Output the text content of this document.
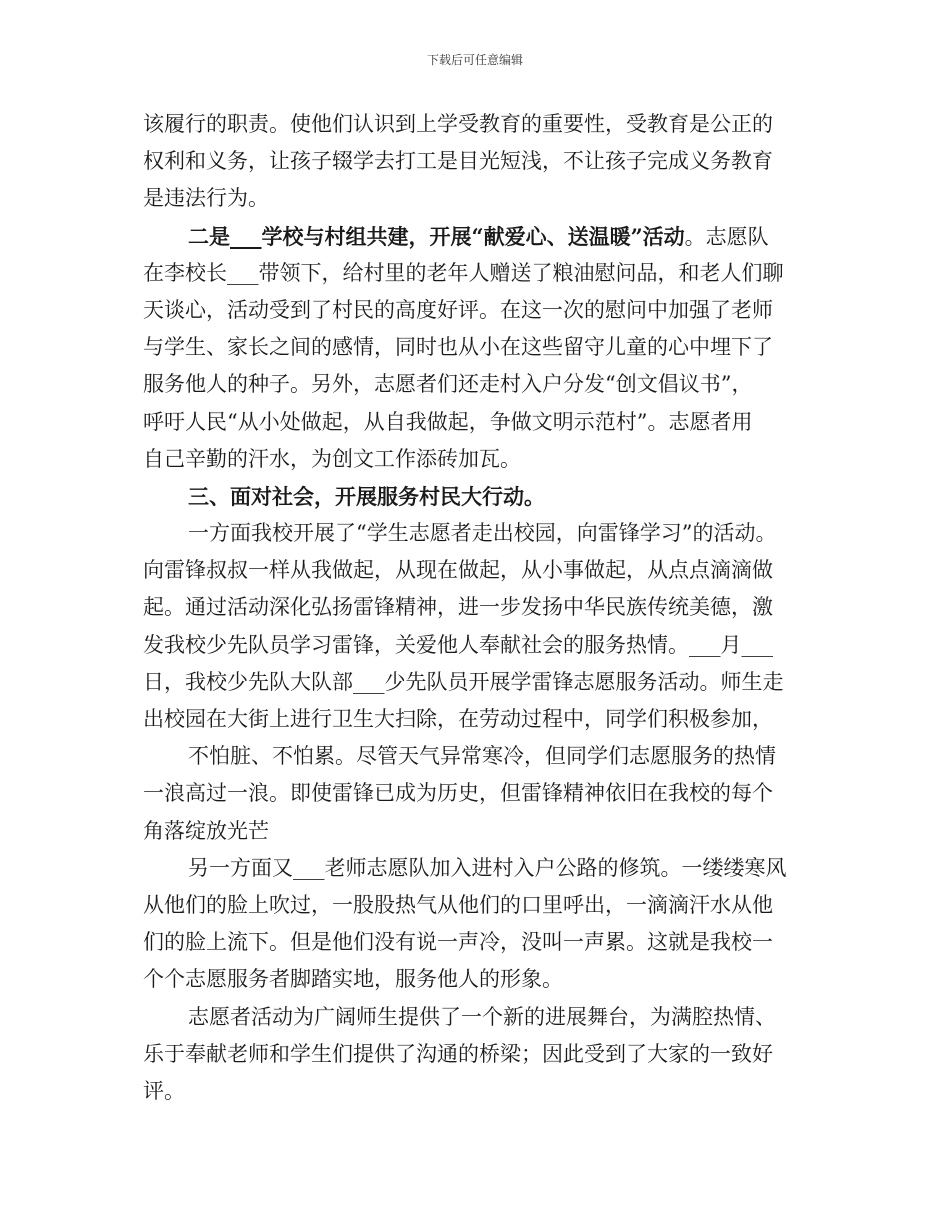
下载后可任意编辑
该履行的职责。使他们认识到上学受教育的重要性，受教育是公正的
权利和义务，让孩子辍学去打工是目光短浅，不让孩子完成义务教育
是违法行为。
二是___学校与村组共建，开展“献爱心、送温暖”活动。志愿队
在李校长___带领下，给村里的老年人赠送了粮油慰问品，和老人们聊
天谈心，活动受到了村民的高度好评。在这一次的慰问中加强了老师
与学生、家长之间的感情，同时也从小在这些留守儿童的心中埋下了
服务他人的种子。另外，志愿者们还走村入户分发“创文倡议书”，
呼吁人民“从小处做起，从自我做起，争做文明示范村”。志愿者用
自己辛勤的汗水，为创文工作添砖加瓦。
三、面对社会，开展服务村民大行动。
一方面我校开展了“学生志愿者走出校园，向雷锋学习”的活动。
向雷锋叔叔一样从我做起，从现在做起，从小事做起，从点点滴滴做
起。通过活动深化弘扬雷锋精神，进一步发扬中华民族传统美德，激
发我校少先队员学习雷锋，关爱他人奉献社会的服务热情。___月___
日，我校少先队大队部___少先队员开展学雷锋志愿服务活动。师生走
出校园在大街上进行卫生大扫除，在劳动过程中，同学们积极参加，
不怕脏、不怕累。尽管天气异常寒冷，但同学们志愿服务的热情
一浪高过一浪。即使雷锋已成为历史，但雷锋精神依旧在我校的每个
角落绽放光芒
另一方面又___老师志愿队加入进村入户公路的修筑。一缕缕寒风
从他们的脸上吹过，一股股热气从他们的口里呼出，一滴滴汗水从他
们的脸上流下。但是他们没有说一声冷，没叫一声累。这就是我校一
个个志愿服务者脚踏实地，服务他人的形象。
志愿者活动为广阔师生提供了一个新的进展舞台，为满腔热情、
乐于奉献老师和学生们提供了沟通的桥梁；因此受到了大家的一致好
评。
